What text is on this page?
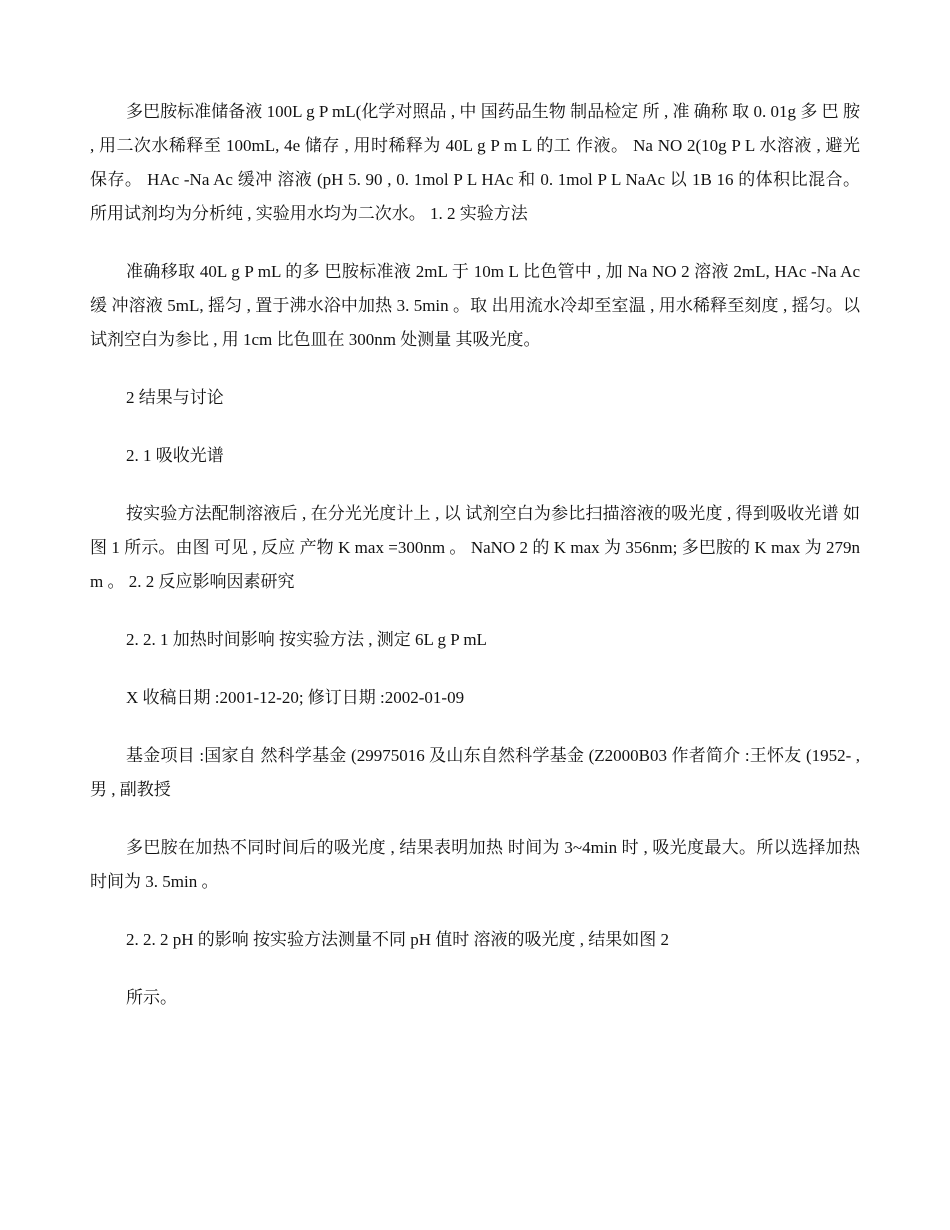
多巴胺标准储备液 100L g P mL(化学对照品 , 中 国药品生物 制品检定 所 , 准 确称 取 0. 01g 多 巴 胺 , 用二次水稀释至 100mL, 4e 储存 , 用时稀释为 40L g P m L 的工 作液。 Na NO 2(10g P L 水溶液 , 避光 保存。 HAc -Na Ac 缓冲 溶液 (pH 5. 90 , 0. 1mol P L HAc 和 0. 1mol P L NaAc 以 1B 16 的体积比混合。 所用试剂均为分析纯 , 实验用水均为二次水。 1. 2 实验方法

准确移取 40L g P mL 的多 巴胺标准液 2mL 于 10m L 比色管中 , 加 Na NO 2 溶液 2mL, HAc -Na Ac 缓 冲溶液 5mL, 摇匀 , 置于沸水浴中加热 3. 5min 。取 出用流水冷却至室温 , 用水稀释至刻度 , 摇匀。以 试剂空白为参比 , 用 1cm 比色皿在 300nm 处测量 其吸光度。

2 结果与讨论

2. 1 吸收光谱

按实验方法配制溶液后 , 在分光光度计上 , 以 试剂空白为参比扫描溶液的吸光度 , 得到吸收光谱 如图 1 所示。由图 可见 , 反应 产物 K max =300nm 。 NaNO 2 的 K max 为 356nm; 多巴胺的 K max 为 279nm 。 2. 2 反应影响因素研究

2. 2. 1 加热时间影响 按实验方法 , 测定 6L g P mL

X 收稿日期 :2001-12-20; 修订日期 :2002-01-09

基金项目 :国家自 然科学基金 (29975016 及山东自然科学基金 (Z2000B03 作者简介 :王怀友 (1952- , 男 , 副教授

多巴胺在加热不同时间后的吸光度 , 结果表明加热 时间为 3~4min 时 , 吸光度最大。所以选择加热 时间为 3. 5min 。

2. 2. 2 pH 的影响 按实验方法测量不同 pH 值时 溶液的吸光度 , 结果如图 2

所示。
